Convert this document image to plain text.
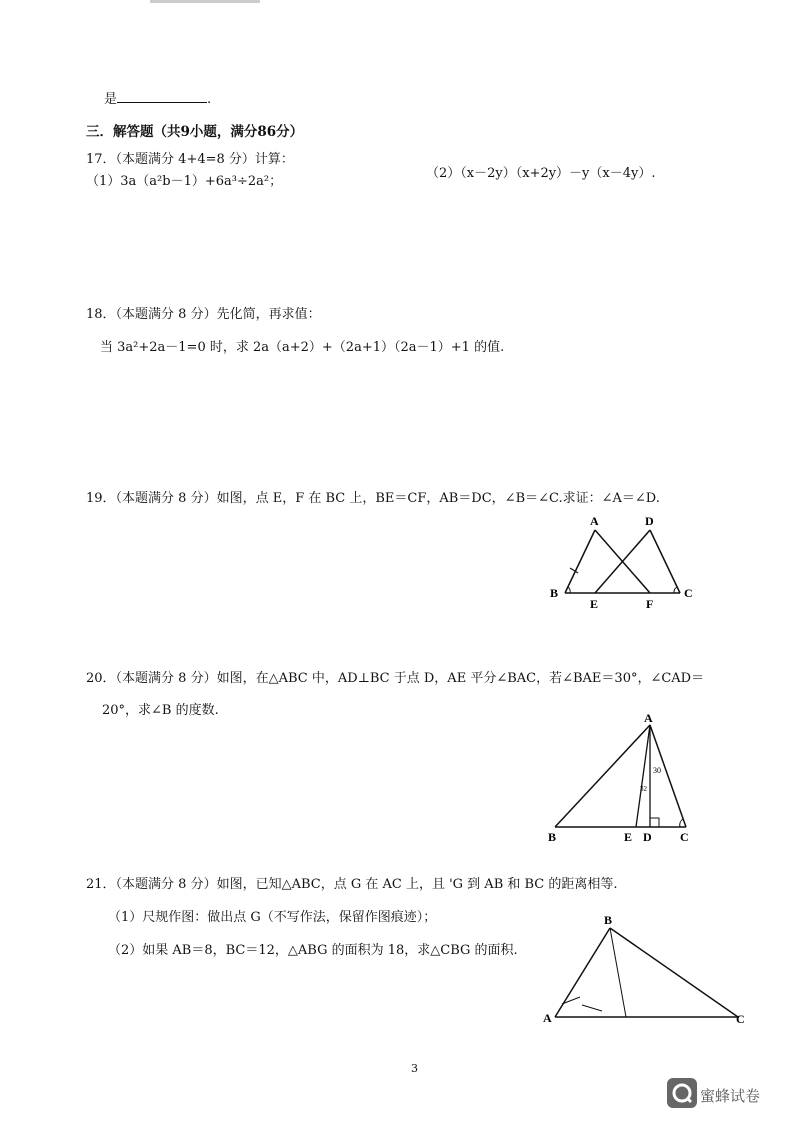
是	.
三．解答题（共9小题，满分86分）
17．（本题满分 4+4=8 分）计算：
（1）3a（a²b－1）+6a³÷2a²；
（2）（x－2y）（x+2y）－y（x－4y）.
18．（本题满分 8 分）先化简，再求值：
当 3a²+2a－1=0 时，求 2a（a+2）+（2a+1）（2a－1）+1 的值.
19．（本题满分 8 分）如图，点 E，F 在 BC 上，BE＝CF，AB＝DC，∠B＝∠C.求证：∠A＝∠D.
A	D
B
E	F
C
20．（本题满分 8 分）如图，在△ABC 中，AD⊥BC 于点 D，AE 平分∠BAC，若∠BAE＝30°，∠CAD＝
20°，求∠B 的度数.	A
B	E D C
30
32
21．（本题满分 8 分）如图，已知△ABC，点 G 在 AC 上，且 'G 到 AB 和 BC 的距离相等.
（1）尺规作图：做出点 G（不写作法，保留作图痕迹）；
（2）如果 AB＝8，BC＝12，△ABG 的面积为 18，求△CBG 的面积.
B
A	C
3
蜜蜂试卷
